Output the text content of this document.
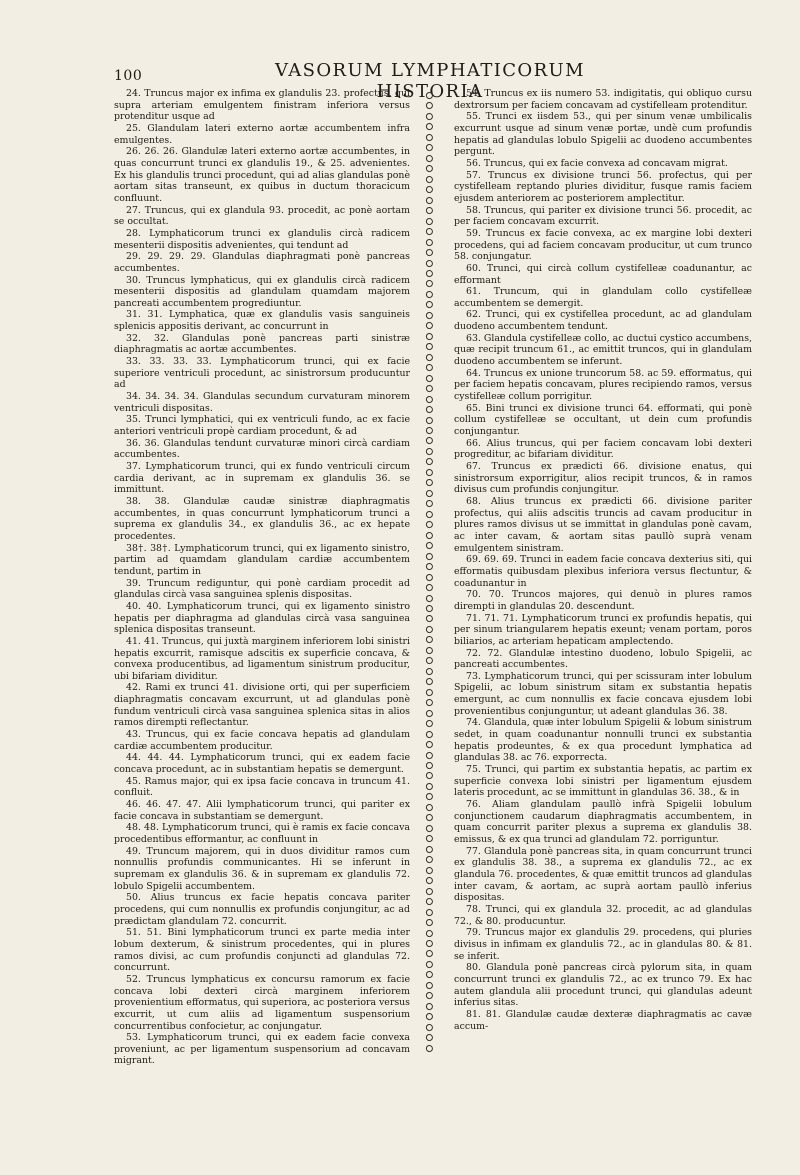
100	VASORUM LYMPHATICORUM HISTORIA

24. Truncus major ex infima ex glandulis 23. profectus, qui supra arteriam emulgentem finistram inferiora versus protenditur usque ad

25. Glandulam lateri externo aortæ accumbentem infra emulgentes.

26. 26. 26. Glandulæ lateri externo aortæ accumbentes, in quas concurrunt trunci ex glandulis 19., & 25. advenientes. Ex his glandulis trunci procedunt, qui ad alias glandulas ponè aortam sitas transeunt, ex quibus in ductum thoracicum confluunt.

27. Truncus, qui ex glandula 93. procedit, ac ponè aortam se occultat.

28. Lymphaticorum trunci ex glandulis circà radicem mesenterii dispositis advenientes, qui tendunt ad

29. 29. 29. 29. Glandulas diaphragmati ponè pancreas accumbentes.

30. Truncus lymphaticus, qui ex glandulis circà radicem mesenterii dispositis ad glandulam quamdam majorem pancreati accumbentem progrediuntur.

31. 31. Lymphatica, quæ ex glandulis vasis sanguineis splenicis appositis derivant, ac concurrunt in

32. 32. Glandulas ponè pancreas parti sinistræ diaphragmatis ac aortæ accumbentes.

33. 33. 33. 33. Lymphaticorum trunci, qui ex facie superiore ventriculi procedunt, ac sinistrorsum producuntur ad

34. 34. 34. 34. Glandulas secundum curvaturam minorem ventriculi dispositas.

35. Trunci lymphatici, qui ex ventriculi fundo, ac ex facie anteriori ventriculi propè cardiam procedunt, & ad

36. 36. Glandulas tendunt curvaturæ minori circà cardiam accumbentes.

37. Lymphaticorum trunci, qui ex fundo ventriculi circum cardia derivant, ac in supremam ex glandulis 36. se immittunt.

38. 38. Glandulæ caudæ sinistræ diaphragmatis accumbentes, in quas concurrunt lymphaticorum trunci a suprema ex glandulis 34., ex glandulis 36., ac ex hepate procedentes.

38†. 38†. Lymphaticorum trunci, qui ex ligamento sinistro, partim ad quamdam glandulam cardiæ accumbentem tendunt, partim in

39. Truncum rediguntur, qui ponè cardiam procedit ad glandulas circà vasa sanguinea splenis dispositas.

40. 40. Lymphaticorum trunci, qui ex ligamento sinistro hepatis per diaphragma ad glandulas circà vasa sanguinea splenica dispositas transeunt.

41. 41. Truncus, qui juxtà marginem inferiorem lobi sinistri hepatis excurrit, ramisque adscitis ex superficie concava, & convexa producentibus, ad ligamentum sinistrum producitur, ubi bifariam dividitur.

42. Rami ex trunci 41. divisione orti, qui per superficiem diaphragmatis concavam excurrunt, ut ad glandulas ponè fundum ventriculi circà vasa sanguinea splenica sitas in alios ramos dirempti reflectantur.

43. Truncus, qui ex facie concava hepatis ad glandulam cardiæ accumbentem producitur.

44. 44. 44. Lymphaticorum trunci, qui ex eadem facie concava procedunt, ac in substantiam hepatis se demergunt.

45. Ramus major, qui ex ipsa facie concava in truncum 41. confluit.

46. 46. 47. 47. Alii lymphaticorum trunci, qui pariter ex facie concava in substantiam se demergunt.

48. 48. Lymphaticorum trunci, qui è ramis ex facie concava procedentibus efformantur, ac confluunt in

49. Truncum majorem, qui in duos dividitur ramos cum nonnullis profundis communicantes. Hi se inferunt in supremam ex glandulis 36. & in supremam ex glandulis 72. lobulo Spigelii accumbentem.

50. Alius truncus ex facie hepatis concava pariter procedens, qui cum nonnullis ex profundis conjungitur, ac ad prædictam glandulam 72. concurrit.

51. 51. Bini lymphaticorum trunci ex parte media inter lobum dexterum, & sinistrum procedentes, qui in plures ramos divisi, ac cum profundis conjuncti ad glandulas 72. concurrunt.

52. Truncus lymphaticus ex concursu ramorum ex facie concava lobi dexteri circà marginem inferiorem provenientium efformatus, qui superiora, ac posteriora versus excurrit, ut cum aliis ad ligamentum suspensorium concurrentibus confocietur, ac conjungatur.

53. Lymphaticorum trunci, qui ex eadem facie convexa proveniunt, ac per ligamentum suspensorium ad concavam migrant.

54. Truncus ex iis numero 53. indigitatis, qui obliquo cursu dextrorsum per faciem concavam ad cystifelleam protenditur.

55. Trunci ex iisdem 53., qui per sinum venæ umbilicalis excurrunt usque ad sinum venæ portæ, undè cum profundis hepatis ad glandulas lobulo Spigelii ac duodeno accumbentes pergunt.

56. Truncus, qui ex facie convexa ad concavam migrat.

57. Truncus ex divisione trunci 56. profectus, qui per cystifelleam reptando pluries dividitur, fusque ramis faciem ejusdem anteriorem ac posteriorem amplectitur.

58. Truncus, qui pariter ex divisione trunci 56. procedit, ac per faciem concavam excurrit.

59. Truncus ex facie convexa, ac ex margine lobi dexteri procedens, qui ad faciem concavam producitur, ut cum trunco 58. conjungatur.

60. Trunci, qui circà collum cystifelleæ coadunantur, ac efformant

61. Truncum, qui in glandulam collo cystifelleæ accumbentem se demergit.

62. Trunci, qui ex cystifellea procedunt, ac ad glandulam duodeno accumbentem tendunt.

63. Glandula cystifelleæ collo, ac ductui cystico accumbens, quæ recipit truncum 61., ac emittit truncos, qui in glandulam duodeno accumbentem se inferunt.

64. Truncus ex unione truncorum 58. ac 59. efformatus, qui per faciem hepatis concavam, plures recipiendo ramos, versus cystifelleæ collum porrigitur.

65. Bini trunci ex divisione trunci 64. efformati, qui ponè collum cystifelleæ se occultant, ut dein cum profundis conjungantur.

66. Alius truncus, qui per faciem concavam lobi dexteri progreditur, ac bifariam dividitur.

67. Truncus ex prædicti 66. divisione enatus, qui sinistrorsum exporrigitur, alios recipit truncos, & in ramos divisus cum profundis conjungitur.

68. Alius truncus ex prædicti 66. divisione pariter profectus, qui aliis adscitis truncis ad cavam producitur in plures ramos divisus ut se immittat in glandulas ponè cavam, ac inter cavam, & aortam sitas paullò suprà venam emulgentem sinistram.

69. 69. 69. Trunci in eadem facie concava dexterius siti, qui efformatis quibusdam plexibus inferiora versus flectuntur, & coadunantur in

70. 70. Truncos majores, qui denuò in plures ramos dirempti in glandulas 20. descendunt.

71. 71. 71. Lymphaticorum trunci ex profundis hepatis, qui per sinum triangularem hepatis exeunt; venam portam, poros biliarios, ac arteriam hepaticam amplectendo.

72. 72. Glandulæ intestino duodeno, lobulo Spigelii, ac pancreati accumbentes.

73. Lymphaticorum trunci, qui per scissuram inter lobulum Spigelii, ac lobum sinistrum sitam ex substantia hepatis emergunt, ac cum nonnullis ex facie concava ejusdem lobi provenientibus conjunguntur, ut adeant glandulas 36. 38.

74. Glandula, quæ inter lobulum Spigelii & lobum sinistrum sedet, in quam coadunantur nonnulli trunci ex substantia hepatis prodeuntes, & ex qua procedunt lymphatica ad glandulas 38. ac 76. exporrecta.

75. Trunci, qui partim ex substantia hepatis, ac partim ex superficie convexa lobi sinistri per ligamentum ejusdem lateris procedunt, ac se immittunt in glandulas 36. 38., & in

76. Aliam glandulam paullò infrà Spigelii lobulum conjunctionem caudarum diaphragmatis accumbentem, in quam concurrit pariter plexus a suprema ex glandulis 38. emissus, & ex qua trunci ad glandulam 72. porriguntur.

77. Glandula ponè pancreas sita, in quam concurrunt trunci ex glandulis 38. 38., a suprema ex glandulis 72., ac ex glandula 76. procedentes, & quæ emittit truncos ad glandulas inter cavam, & aortam, ac suprà aortam paullò inferius dispositas.

78. Trunci, qui ex glandula 32. procedit, ac ad glandulas 72., & 80. producuntur.

79. Truncus major ex glandulis 29. procedens, qui pluries divisus in infimam ex glandulis 72., ac in glandulas 80. & 81. se inferit.

80. Glandula ponè pancreas circà pylorum sita, in quam concurrunt trunci ex glandulis 72., ac ex trunco 79. Ex hac autem glandula alii procedunt trunci, qui glandulas adeunt inferius sitas.

81. 81. Glandulæ caudæ dexteræ diaphragmatis ac cavæ accum-
